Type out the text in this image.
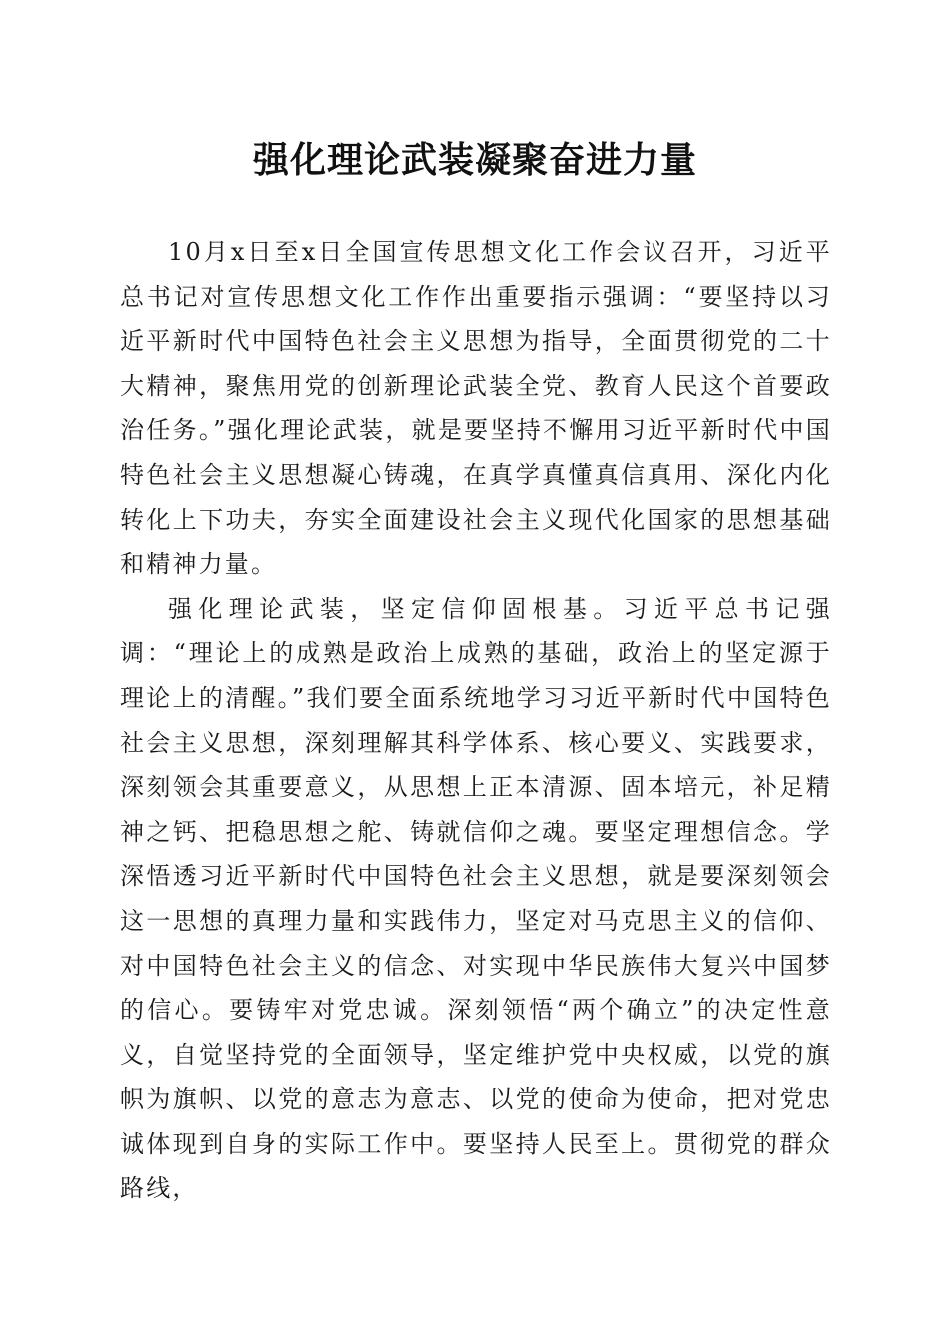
强化理论武装凝聚奋进力量

10月x日至x日全国宣传思想文化工作会议召开，习近平总书记对宣传思想文化工作作出重要指示强调：“要坚持以习近平新时代中国特色社会主义思想为指导，全面贯彻党的二十大精神，聚焦用党的创新理论武装全党、教育人民这个首要政治任务。”强化理论武装，就是要坚持不懈用习近平新时代中国特色社会主义思想凝心铸魂，在真学真懂真信真用、深化内化转化上下功夫，夯实全面建设社会主义现代化国家的思想基础和精神力量。

强化理论武装，坚定信仰固根基。习近平总书记强调：“理论上的成熟是政治上成熟的基础，政治上的坚定源于理论上的清醒。”我们要全面系统地学习习近平新时代中国特色社会主义思想，深刻理解其科学体系、核心要义、实践要求，深刻领会其重要意义，从思想上正本清源、固本培元，补足精神之钙、把稳思想之舵、铸就信仰之魂。要坚定理想信念。学深悟透习近平新时代中国特色社会主义思想，就是要深刻领会这一思想的真理力量和实践伟力，坚定对马克思主义的信仰、对中国特色社会主义的信念、对实现中华民族伟大复兴中国梦的信心。要铸牢对党忠诚。深刻领悟“两个确立”的决定性意义，自觉坚持党的全面领导，坚定维护党中央权威，以党的旗帜为旗帜、以党的意志为意志、以党的使命为使命，把对党忠诚体现到自身的实际工作中。要坚持人民至上。贯彻党的群众路线，
